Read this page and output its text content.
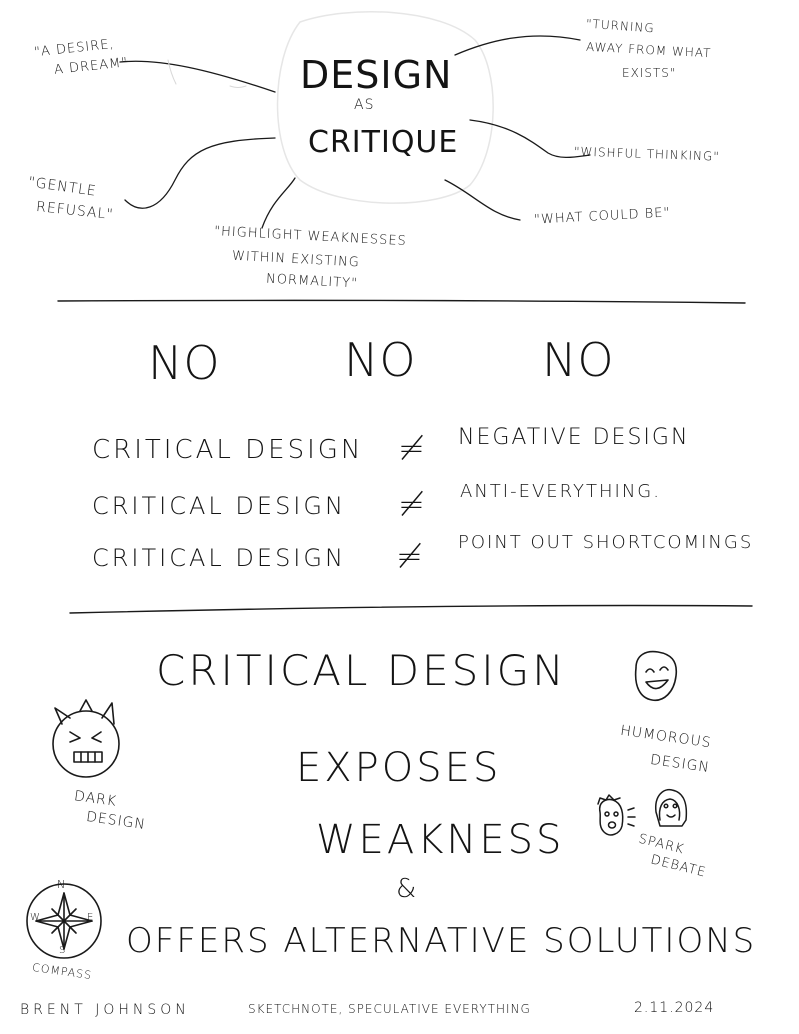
DESIGN
AS
CRITIQUE
"A DESIRE,
A DREAM"
"GENTLE
REFUSAL"
"HIGHLIGHT WEAKNESSES
WITHIN EXISTING
NORMALITY"
"TURNING
AWAY FROM WHAT
EXISTS"
"WISHFUL THINKING"
"WHAT COULD BE"
NO	NO	NO
CRITICAL DESIGN ≠ NEGATIVE DESIGN
CRITICAL DESIGN ≠ ANTI-EVERYTHING.
CRITICAL DESIGN ≠ POINT OUT SHORTCOMINGS
CRITICAL DESIGN
EXPOSES
WEAKNESS
&
OFFERS ALTERNATIVE SOLUTIONS
DARK
DESIGN
HUMOROUS
DESIGN
SPARK
DEBATE
N
W	E
S
COMPASS
BRENT JOHNSON	SKETCHNOTE, SPECULATIVE EVERYTHING	2.11.2024
